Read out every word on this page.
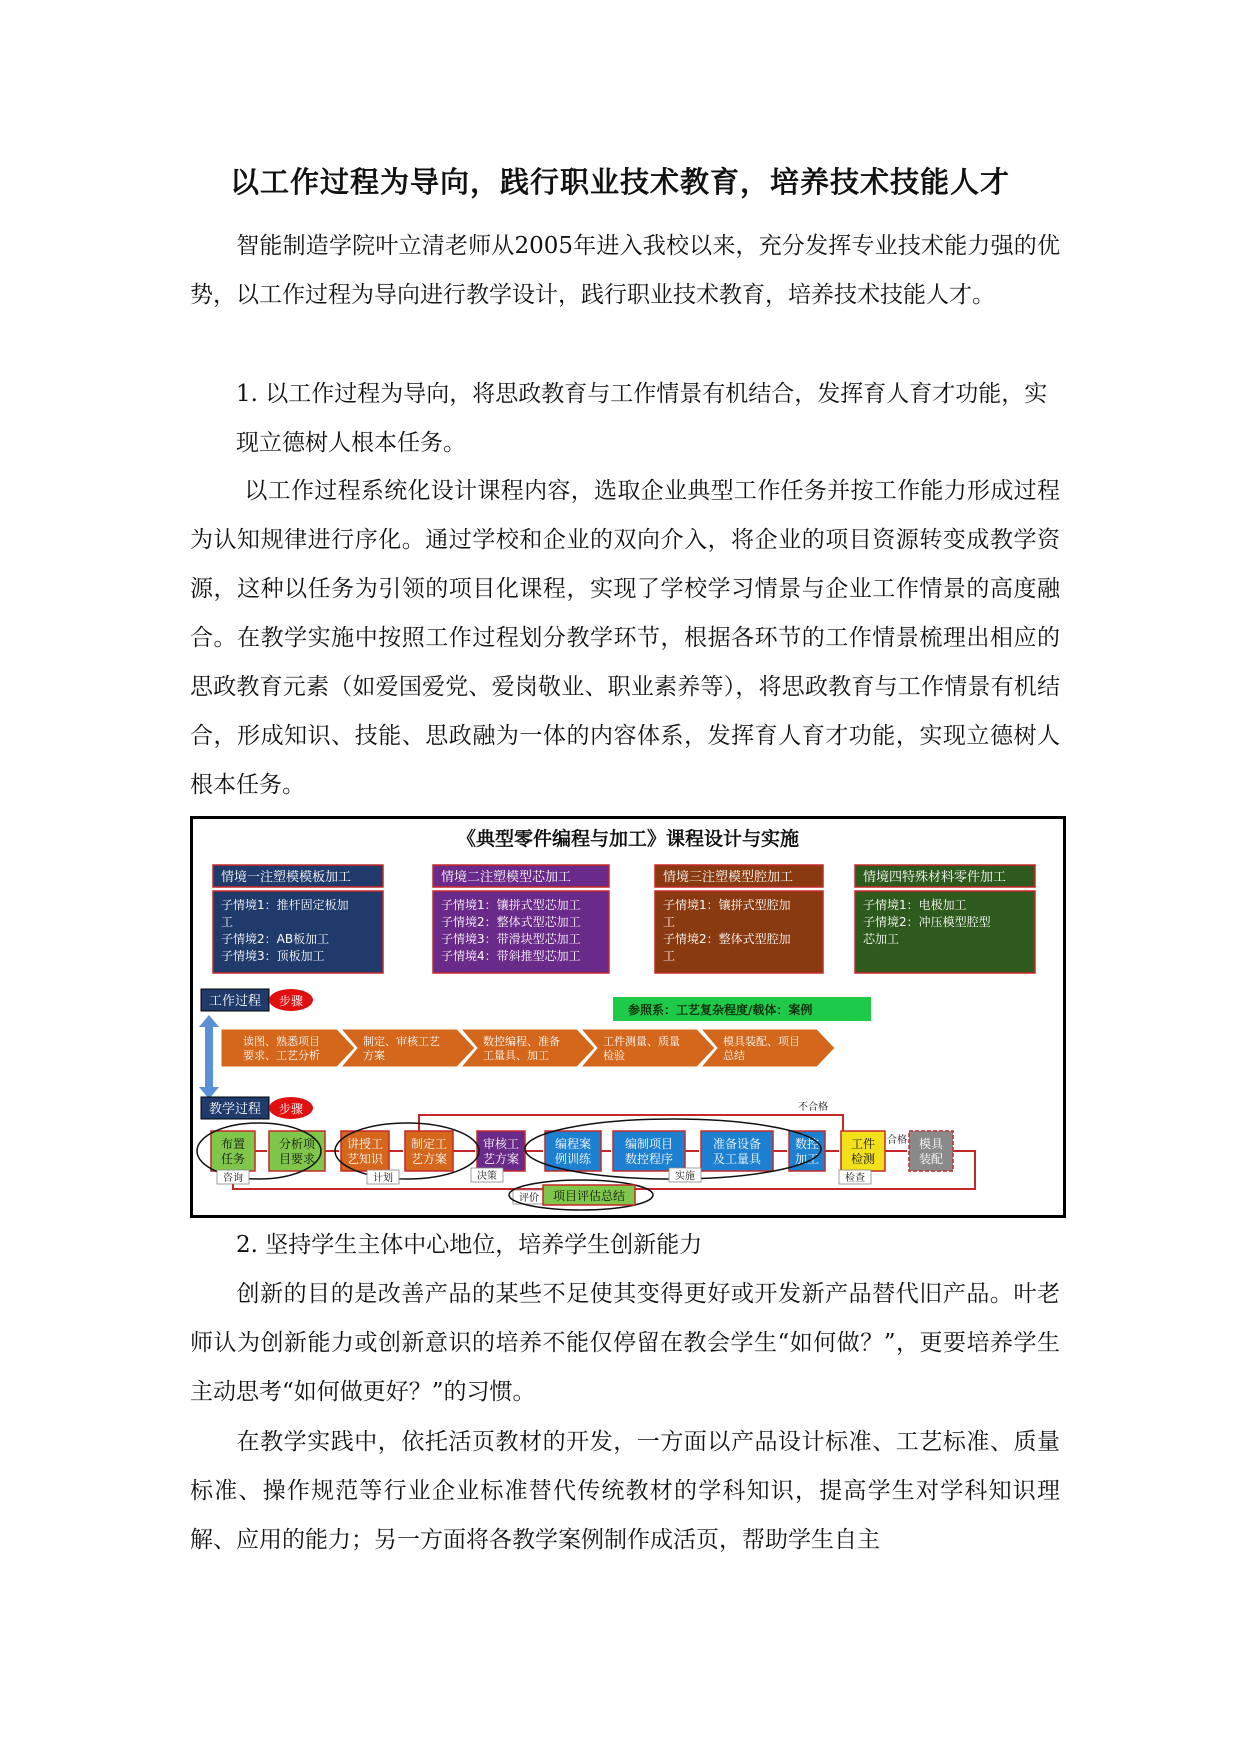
以工作过程为导向，践行职业技术教育，培养技术技能人才

智能制造学院叶立清老师从2005年进入我校以来，充分发挥专业技术能力强的优势，以工作过程为导向进行教学设计，践行职业技术教育，培养技术技能人才。

1. 以工作过程为导向，将思政教育与工作情景有机结合，发挥育人育才功能，实现立德树人根本任务。

以工作过程系统化设计课程内容，选取企业典型工作任务并按工作能力形成过程为认知规律进行序化。通过学校和企业的双向介入，将企业的项目资源转变成教学资源，这种以任务为引领的项目化课程，实现了学校学习情景与企业工作情景的高度融合。在教学实施中按照工作过程划分教学环节，根据各环节的工作情景梳理出相应的思政教育元素（如爱国爱党、爱岗敬业、职业素养等），将思政教育与工作情景有机结合，形成知识、技能、思政融为一体的内容体系，发挥育人育才功能，实现立德树人根本任务。

《典型零件编程与加工》课程设计与实施
情境一注塑模模板加工
子情境1：推杆固定板加
工
子情境2：AB板加工
子情境3：顶板加工
情境二注塑模型芯加工
子情境1：镶拼式型芯加工
子情境2：整体式型芯加工
子情境3：带滑块型芯加工
子情境4：带斜推型芯加工
情境三注塑模型腔加工
子情境1：镶拼式型腔加
工
子情境2：整体式型腔加
工
情境四特殊材料零件加工
子情境1：电极加工
子情境2：冲压模型腔型
芯加工
工作过程 步骤
参照系：工艺复杂程度/载体：案例
读图、熟悉项目
要求、工艺分析
制定、审核工艺
方案
数控编程、准备
工量具、加工
工件测量、质量
检验
模具装配、项目
总结
教学过程 步骤
布置
任务
分析项
目要求
讲授工
艺知识
制定工
艺方案
审核工
艺方案
编程案
例训练
编制项目
数控程序
准备设备
及工量具
数控
加工
工件
检测
模具
装配
不合格
合格
咨询	计划	决策	实施	检查
评价 项目评估总结

2. 坚持学生主体中心地位，培养学生创新能力

创新的目的是改善产品的某些不足使其变得更好或开发新产品替代旧产品。叶老师认为创新能力或创新意识的培养不能仅停留在教会学生“如何做？”，更要培养学生主动思考“如何做更好？”的习惯。

在教学实践中，依托活页教材的开发，一方面以产品设计标准、工艺标准、质量标准、操作规范等行业企业标准替代传统教材的学科知识，提高学生对学科知识理解、应用的能力；另一方面将各教学案例制作成活页，帮助学生自主
